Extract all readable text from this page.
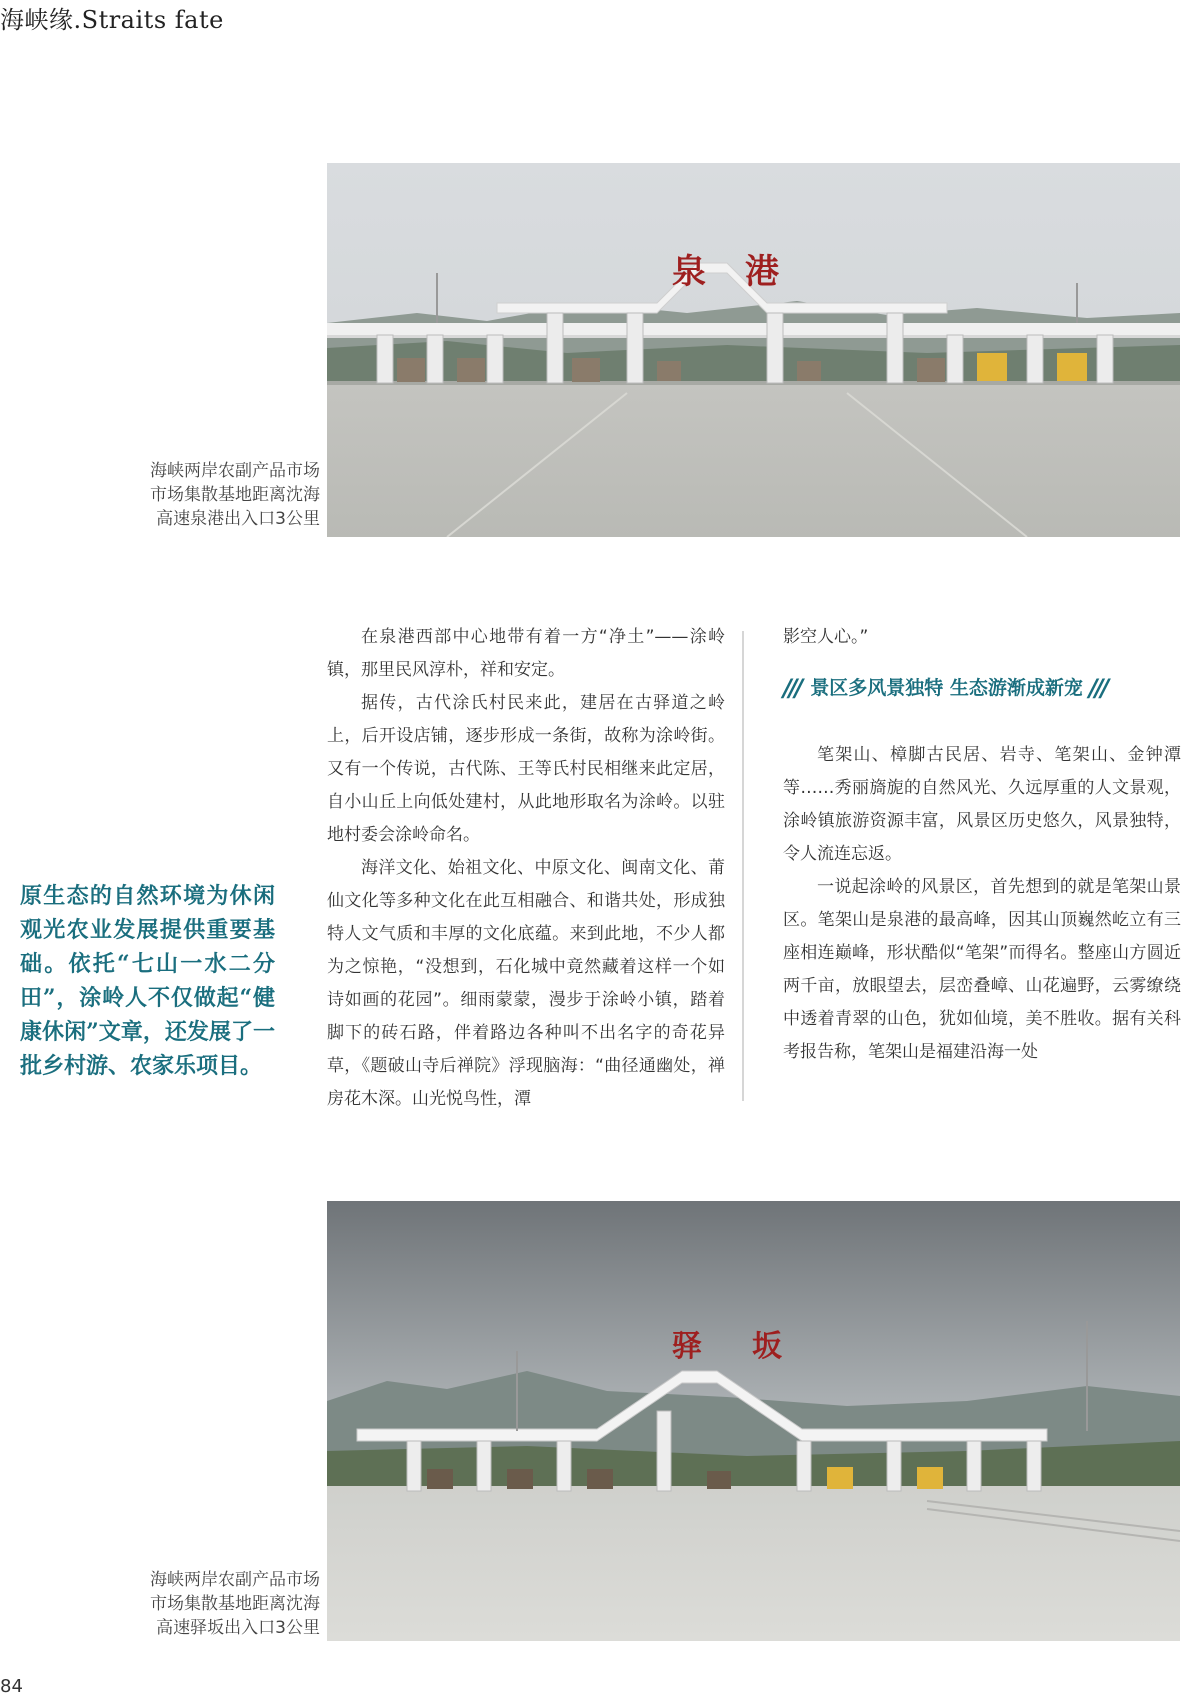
海峡缘.Straits fate
泉 港
海峡两岸农副产品市场市场集散基地距离沈海高速泉港出入口3公里
原生态的自然环境为休闲观光农业发展提供重要基础。依托“七山一水二分田”，涂岭人不仅做起“健康休闲”文章，还发展了一批乡村游、农家乐项目。

在泉港西部中心地带有着一方“净土”——涂岭镇，那里民风淳朴，祥和安定。

据传，古代涂氏村民来此，建居在古驿道之岭上，后开设店铺，逐步形成一条街，故称为涂岭街。又有一个传说，古代陈、王等氏村民相继来此定居，自小山丘上向低处建村，从此地形取名为涂岭。以驻地村委会涂岭命名。

海洋文化、始祖文化、中原文化、闽南文化、莆仙文化等多种文化在此互相融合、和谐共处，形成独特人文气质和丰厚的文化底蕴。来到此地，不少人都为之惊艳，“没想到，石化城中竟然藏着这样一个如诗如画的花园”。细雨蒙蒙，漫步于涂岭小镇，踏着脚下的砖石路，伴着路边各种叫不出名字的奇花异草，《题破山寺后禅院》浮现脑海：“曲径通幽处，禅房花木深。山光悦鸟性，潭

影空人心。”

/// 景区多风景独特 生态游渐成新宠 ///

笔架山、樟脚古民居、岩寺、笔架山、金钟潭等……秀丽旖旎的自然风光、久远厚重的人文景观，涂岭镇旅游资源丰富，风景区历史悠久，风景独特，令人流连忘返。

一说起涂岭的风景区，首先想到的就是笔架山景区。笔架山是泉港的最高峰，因其山顶巍然屹立有三座相连巅峰，形状酷似“笔架”而得名。整座山方圆近两千亩，放眼望去，层峦叠嶂、山花遍野，云雾缭绕中透着青翠的山色，犹如仙境，美不胜收。据有关科考报告称，笔架山是福建沿海一处

驿 坂
海峡两岸农副产品市场市场集散基地距离沈海高速驿坂出入口3公里
84
